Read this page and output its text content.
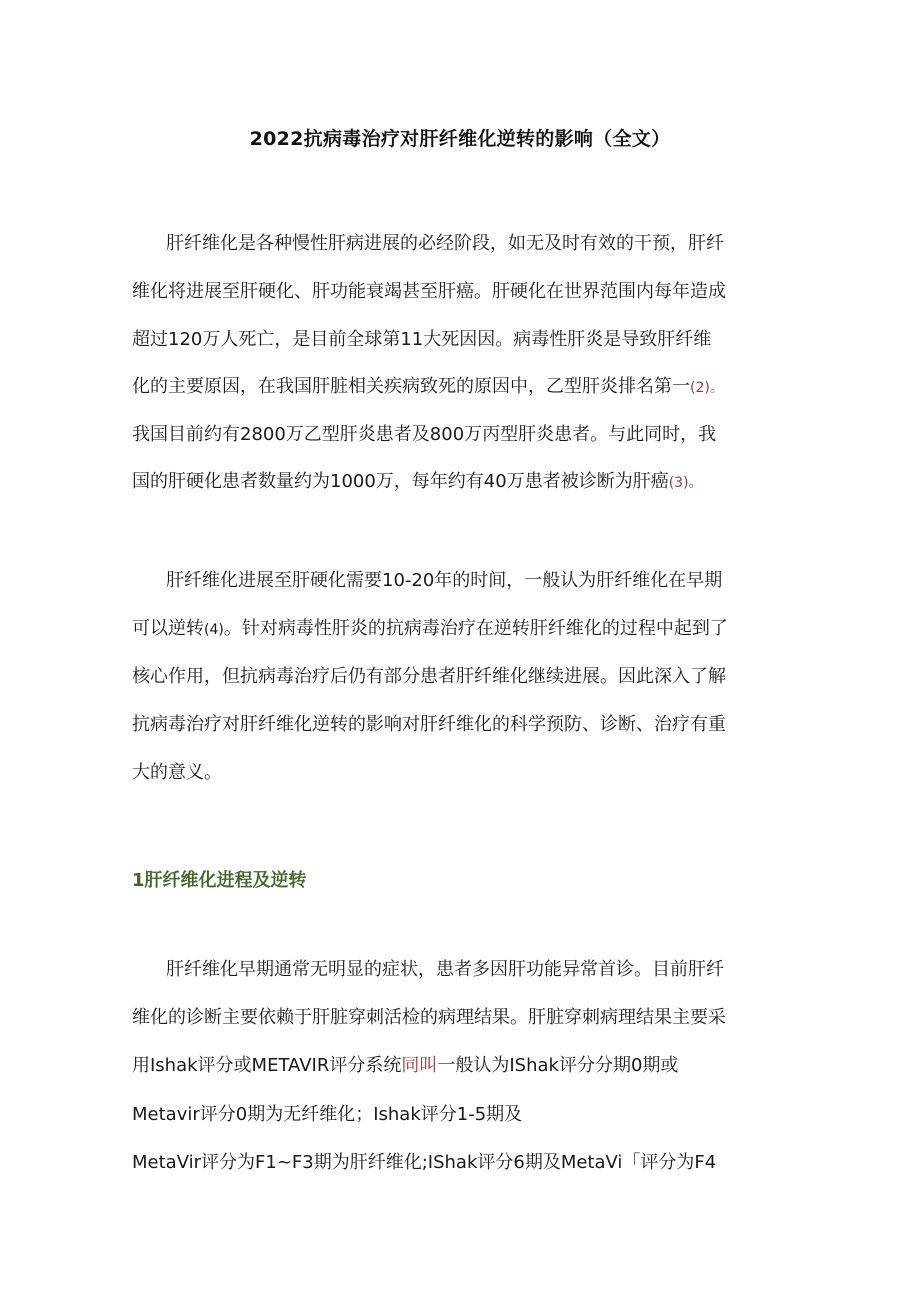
2022抗病毒治疗对肝纤维化逆转的影响（全文）
肝纤维化是各种慢性肝病进展的必经阶段，如无及时有效的干预，肝纤
维化将进展至肝硬化、肝功能衰竭甚至肝癌。肝硬化在世界范围内每年造成
超过120万人死亡，是目前全球第11大死因因。病毒性肝炎是导致肝纤维
化的主要原因，在我国肝脏相关疾病致死的原因中，乙型肝炎排名第一(2)。
我国目前约有2800万乙型肝炎患者及800万丙型肝炎患者。与此同时，我
国的肝硬化患者数量约为1000万，每年约有40万患者被诊断为肝癌(3)。
肝纤维化进展至肝硬化需要10-20年的时间，一般认为肝纤维化在早期
可以逆转(4)。针对病毒性肝炎的抗病毒治疗在逆转肝纤维化的过程中起到了
核心作用，但抗病毒治疗后仍有部分患者肝纤维化继续进展。因此深入了解
抗病毒治疗对肝纤维化逆转的影响对肝纤维化的科学预防、诊断、治疗有重
大的意义。
1肝纤维化进程及逆转
肝纤维化早期通常无明显的症状，患者多因肝功能异常首诊。目前肝纤
维化的诊断主要依赖于肝脏穿刺活检的病理结果。肝脏穿刺病理结果主要采
用Ishak评分或METAVIR评分系统同叫一般认为IShak评分分期0期或
Metavir评分0期为无纤维化；Ishak评分1-5期及
MetaVir评分为F1~F3期为肝纤维化;IShak评分6期及MetaVi「评分为F4
